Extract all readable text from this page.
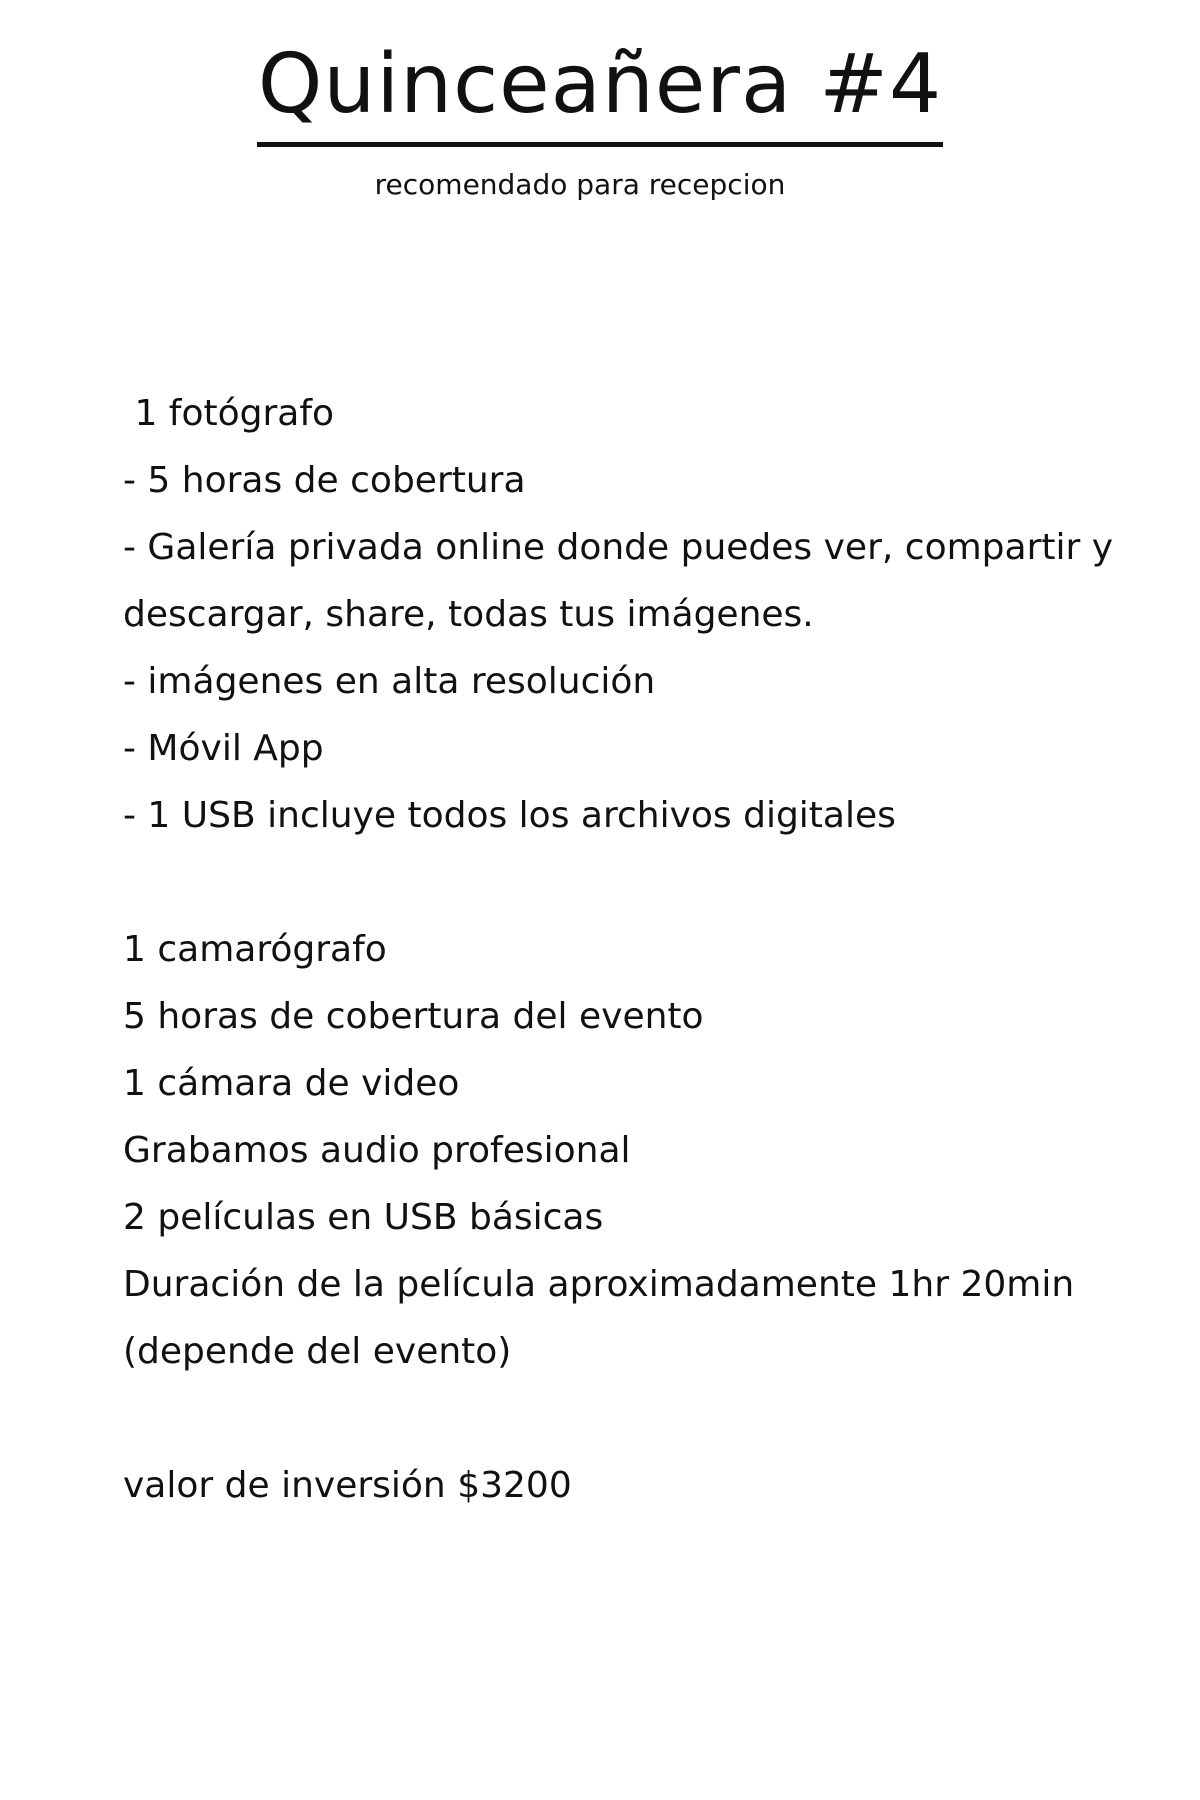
Quinceañera #4
recomendado para recepcion
1 fotógrafo
- 5 horas de cobertura
- Galería privada online donde puedes ver, compartir y
descargar, share, todas tus imágenes.
- imágenes en alta resolución
- Móvil App
- 1 USB incluye todos los archivos digitales
1 camarógrafo
5 horas de cobertura del evento
1 cámara de video
Grabamos audio profesional
2 películas en USB básicas
Duración de la película aproximadamente 1hr 20min
(depende del evento)
valor de inversión $3200
